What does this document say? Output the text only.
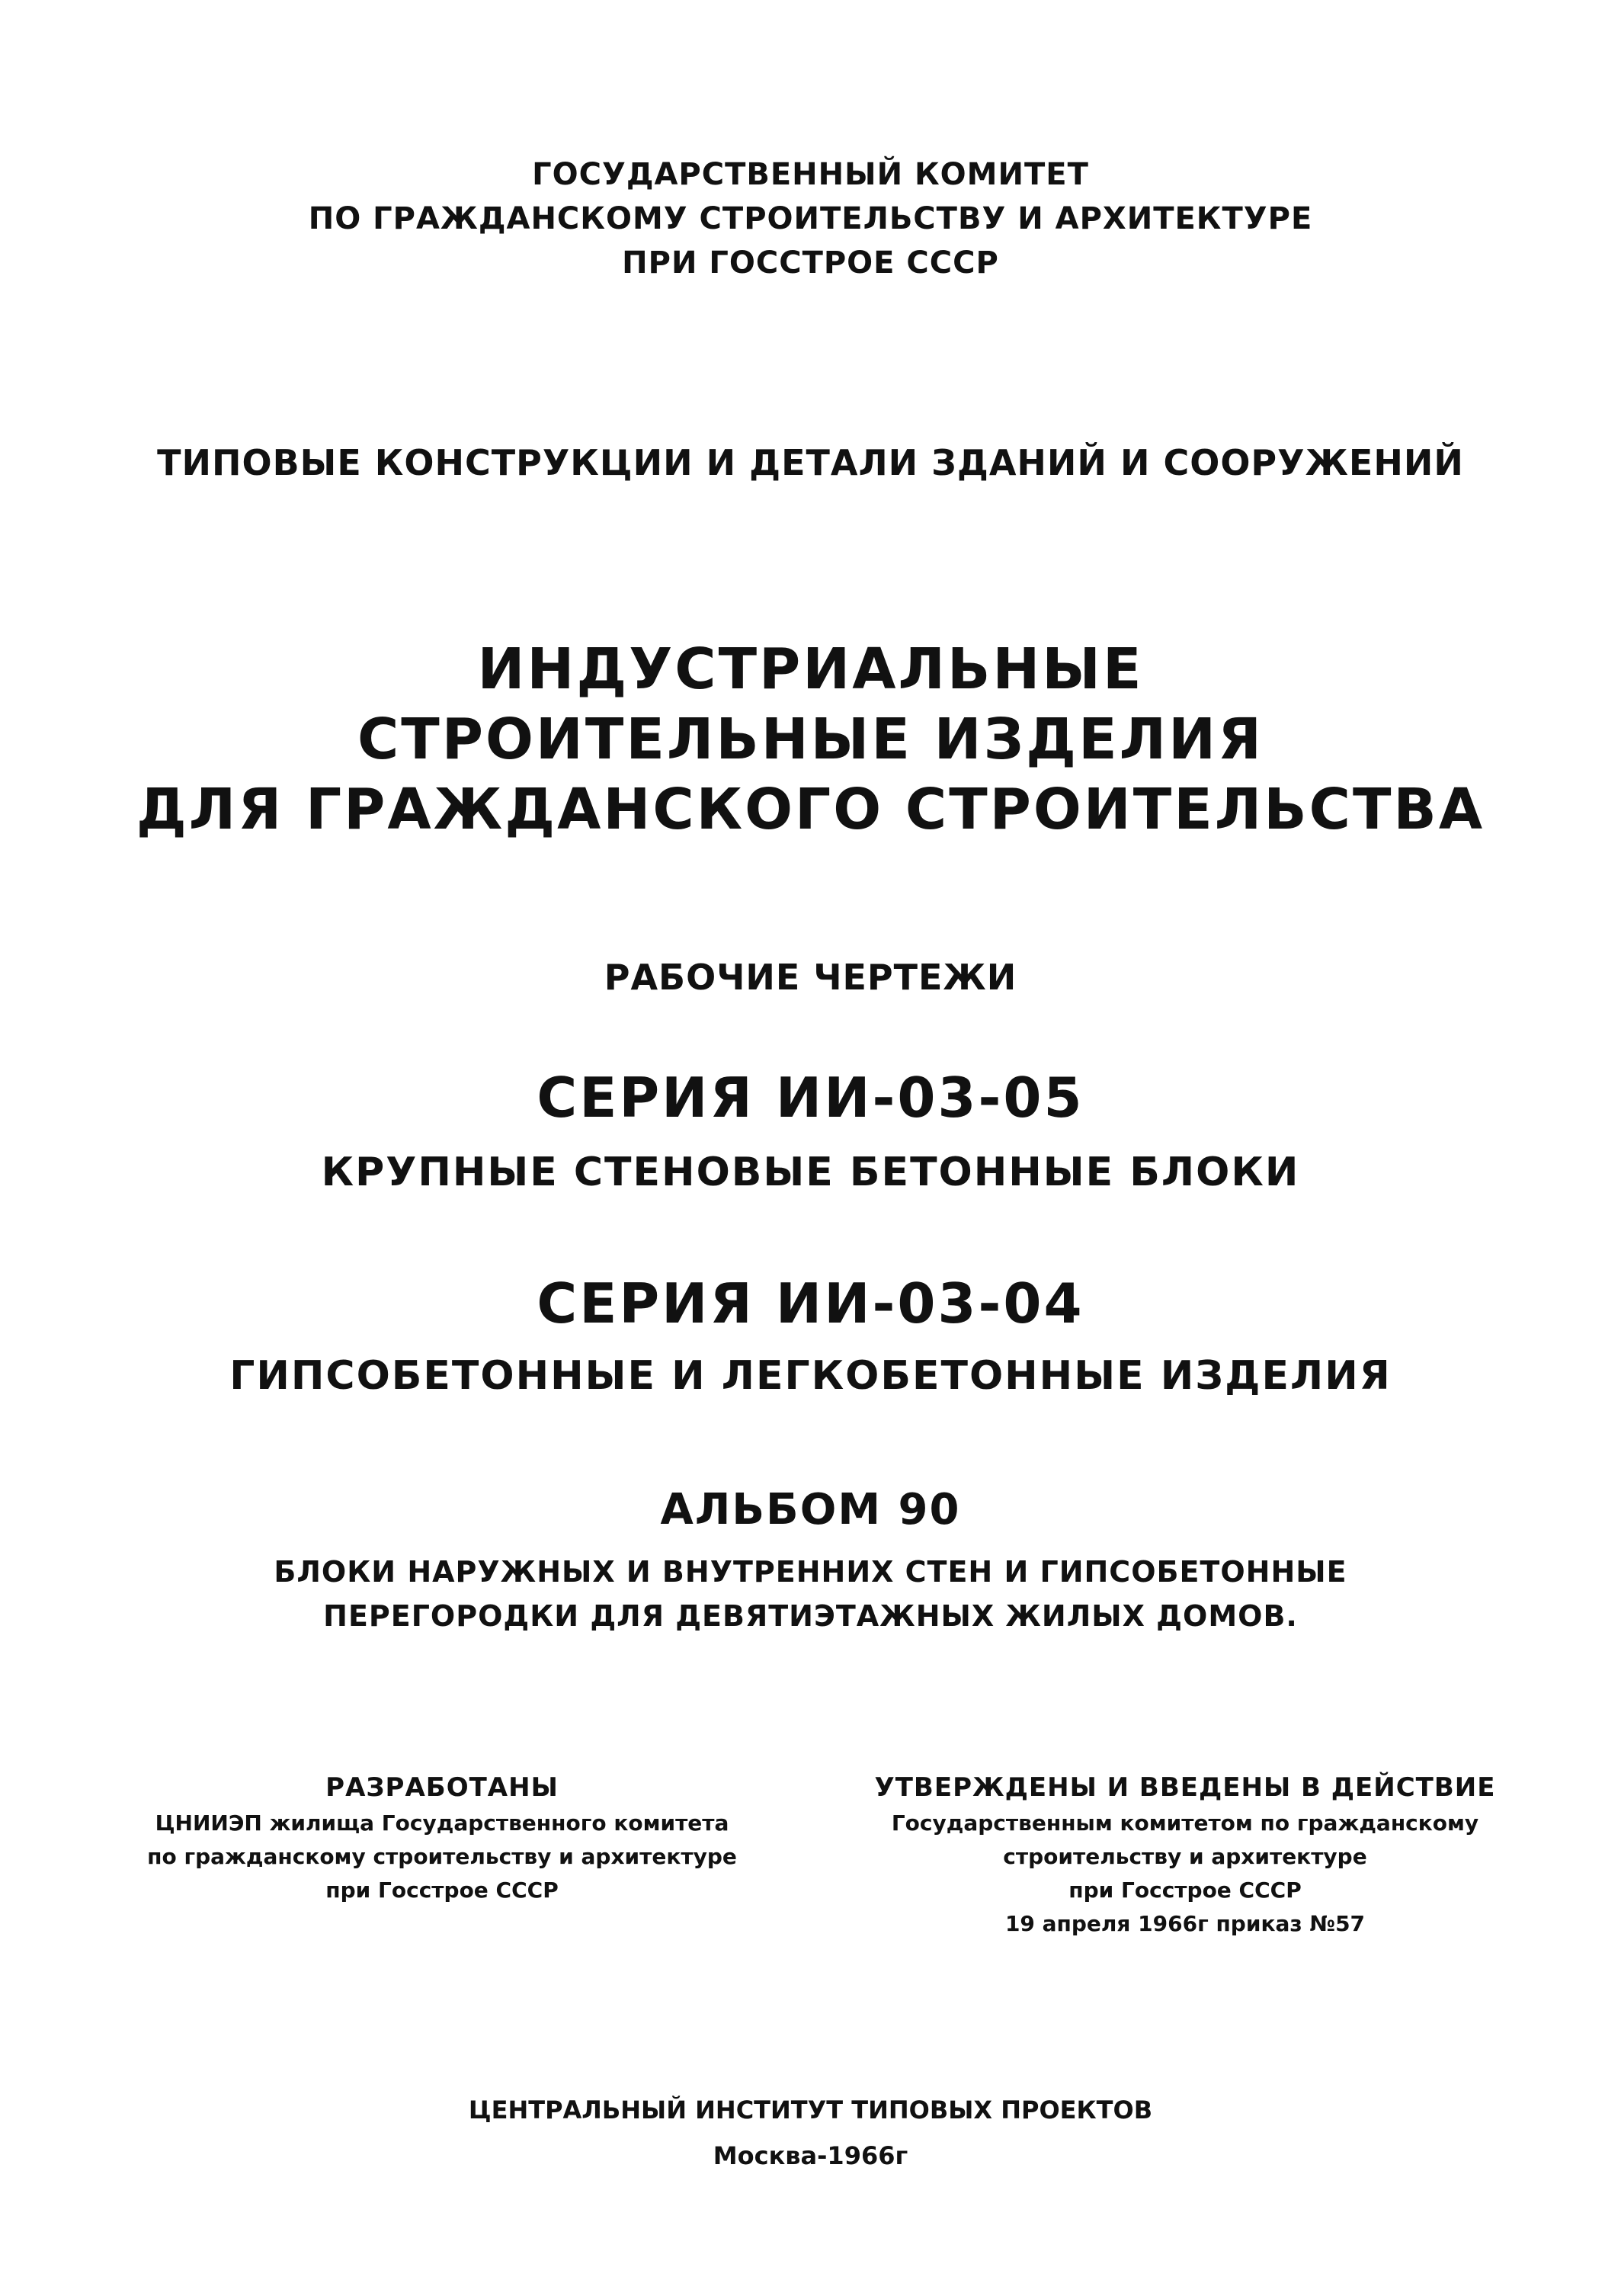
ГОСУДАРСТВЕННЫЙ КОМИТЕТ
ПО ГРАЖДАНСКОМУ СТРОИТЕЛЬСТВУ И АРХИТЕКТУРЕ
ПРИ ГОССТРОЕ СССР
ТИПОВЫЕ КОНСТРУКЦИИ И ДЕТАЛИ ЗДАНИЙ И СООРУЖЕНИЙ
ИНДУСТРИАЛЬНЫЕ
СТРОИТЕЛЬНЫЕ ИЗДЕЛИЯ
ДЛЯ ГРАЖДАНСКОГО СТРОИТЕЛЬСТВА
РАБОЧИЕ ЧЕРТЕЖИ
СЕРИЯ ИИ-03-05
КРУПНЫЕ СТЕНОВЫЕ БЕТОННЫЕ БЛОКИ
СЕРИЯ ИИ-03-04
ГИПСОБЕТОННЫЕ И ЛЕГКОБЕТОННЫЕ ИЗДЕЛИЯ
АЛЬБОМ 90
БЛОКИ НАРУЖНЫХ И ВНУТРЕННИХ СТЕН И ГИПСОБЕТОННЫЕ
ПЕРЕГОРОДКИ ДЛЯ ДЕВЯТИЭТАЖНЫХ ЖИЛЫХ ДОМОВ.
РАЗРАБОТАНЫ
ЦНИИЭП жилища Государственного комитета
по гражданскому строительству и архитектуре
при Госстрое СССР
УТВЕРЖДЕНЫ И ВВЕДЕНЫ В ДЕЙСТВИЕ
Государственным комитетом по гражданскому
строительству и архитектуре
при Госстрое СССР
19 апреля 1966г приказ №57
ЦЕНТРАЛЬНЫЙ ИНСТИТУТ ТИПОВЫХ ПРОЕКТОВ
Москва-1966г
